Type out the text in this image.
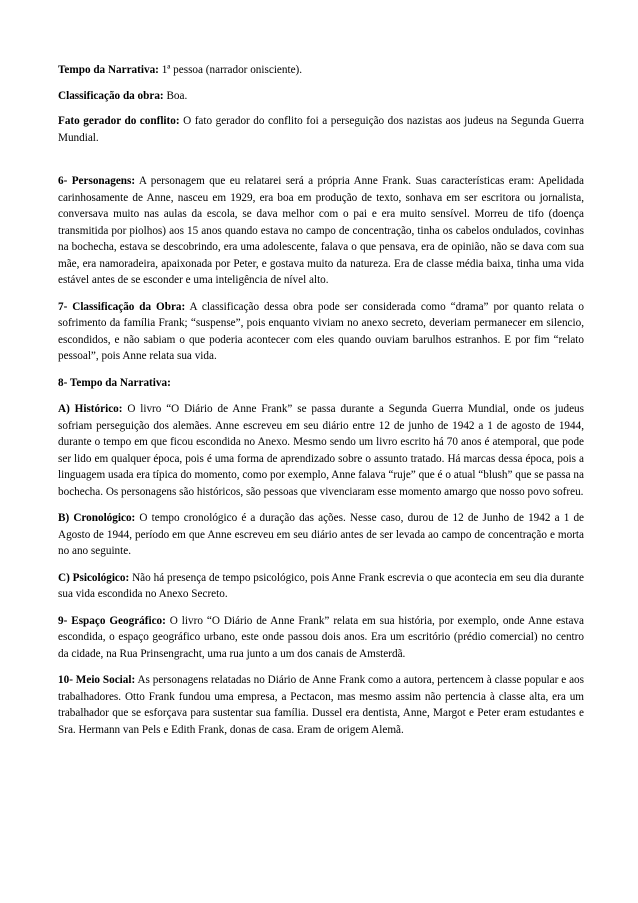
Tempo da Narrativa: 1ª pessoa (narrador onisciente).

Classificação da obra: Boa.

Fato gerador do conflito: O fato gerador do conflito foi a perseguição dos nazistas aos judeus na Segunda Guerra Mundial.

6- Personagens: A personagem que eu relatarei será a própria Anne Frank. Suas características eram: Apelidada carinhosamente de Anne, nasceu em 1929, era boa em produção de texto, sonhava em ser escritora ou jornalista, conversava muito nas aulas da escola, se dava melhor com o pai e era muito sensível. Morreu de tifo (doença transmitida por piolhos) aos 15 anos quando estava no campo de concentração, tinha os cabelos ondulados, covinhas na bochecha, estava se descobrindo, era uma adolescente, falava o que pensava, era de opinião, não se dava com sua mãe, era namoradeira, apaixonada por Peter, e gostava muito da natureza. Era de classe média baixa, tinha uma vida estável antes de se esconder e uma inteligência de nível alto.

7- Classificação da Obra: A classificação dessa obra pode ser considerada como “drama” por quanto relata o sofrimento da família Frank; “suspense”, pois enquanto viviam no anexo secreto, deveriam permanecer em silencio, escondidos, e não sabiam o que poderia acontecer com eles quando ouviam barulhos estranhos. E por fim “relato pessoal”, pois Anne relata sua vida.

8- Tempo da Narrativa:

A) Histórico: O livro “O Diário de Anne Frank” se passa durante a Segunda Guerra Mundial, onde os judeus sofriam perseguição dos alemães. Anne escreveu em seu diário entre 12 de junho de 1942 a 1 de agosto de 1944, durante o tempo em que ficou escondida no Anexo. Mesmo sendo um livro escrito há 70 anos é atemporal, que pode ser lido em qualquer época, pois é uma forma de aprendizado sobre o assunto tratado. Há marcas dessa época, pois a linguagem usada era típica do momento, como por exemplo, Anne falava “ruje” que é o atual “blush” que se passa na bochecha. Os personagens são históricos, são pessoas que vivenciaram esse momento amargo que nosso povo sofreu.

B) Cronológico: O tempo cronológico é a duração das ações. Nesse caso, durou de 12 de Junho de 1942 a 1 de Agosto de 1944, período em que Anne escreveu em seu diário antes de ser levada ao campo de concentração e morta no ano seguinte.

C) Psicológico: Não há presença de tempo psicológico, pois Anne Frank escrevia o que acontecia em seu dia durante sua vida escondida no Anexo Secreto.

9- Espaço Geográfico: O livro “O Diário de Anne Frank” relata em sua história, por exemplo, onde Anne estava escondida, o espaço geográfico urbano, este onde passou dois anos. Era um escritório (prédio comercial) no centro da cidade, na Rua Prinsengracht, uma rua junto a um dos canais de Amsterdã.

10- Meio Social: As personagens relatadas no Diário de Anne Frank como a autora, pertencem à classe popular e aos trabalhadores. Otto Frank fundou uma empresa, a Pectacon, mas mesmo assim não pertencia à classe alta, era um trabalhador que se esforçava para sustentar sua família. Dussel era dentista, Anne, Margot e Peter eram estudantes e Sra. Hermann van Pels e Edith Frank, donas de casa. Eram de origem Alemã.
